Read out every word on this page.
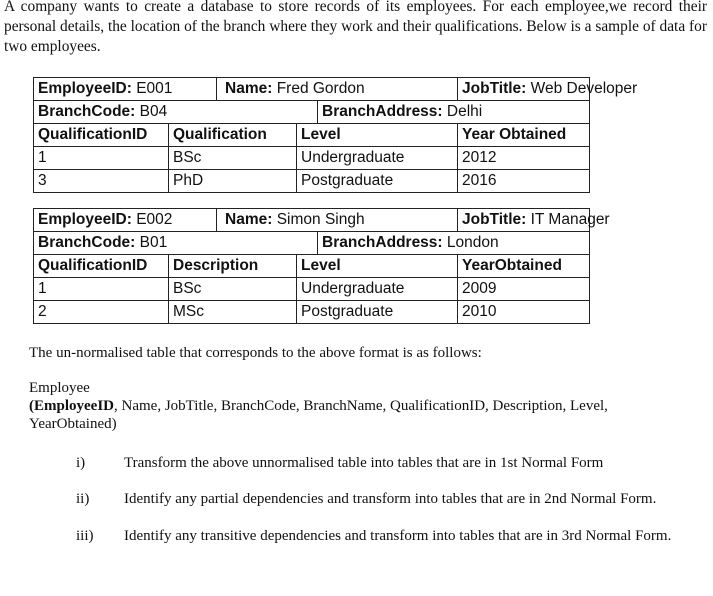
A company wants to create a database to store records of its employees. For each employee,we record their personal details, the location of the branch where they work and their qualifications. Below is a sample of data for two employees.
EmployeeID: E001		Name: Fred Gordon			JobTitle: Web Developer
BranchCode: B04				BranchAddress: Delhi	
QualificationID	Qualification		Level		Year Obtained
1	BSc		Undergraduate		2012
3	PhD		Postgraduate		2016
EmployeeID: E002		Name: Simon Singh			JobTitle: IT Manager
BranchCode: B01				BranchAddress: London	
QualificationID	Description		Level		YearObtained
1	BSc		Undergraduate		2009
2	MSc		Postgraduate		2010
The un-normalised table that corresponds to the above format is as follows:
Employee
(EmployeeID, Name, JobTitle, BranchCode, BranchName, QualificationID, Description, Level, YearObtained)
i)	Transform the above unnormalised table into tables that are in 1st Normal Form
ii) Identify any partial dependencies and transform into tables that are in 2nd Normal Form.
iii) Identify any transitive dependencies and transform into tables that are in 3rd Normal Form.
